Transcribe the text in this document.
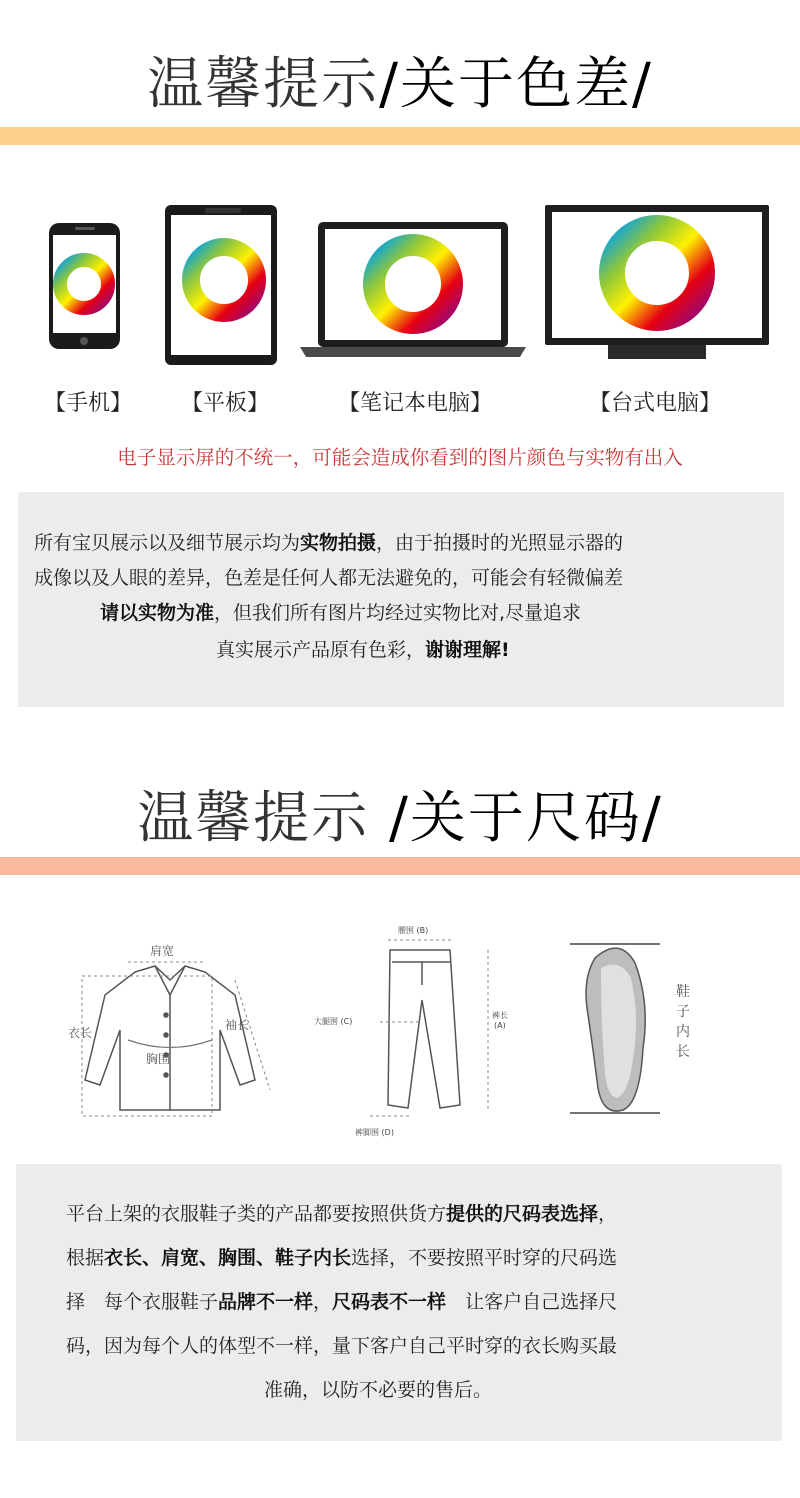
温馨提示/关于色差/
【手机】 【平板】	【笔记本电脑】	【台式电脑】
电子显示屏的不统一，可能会造成你看到的图片颜色与实物有出入
所有宝贝展示以及细节展示均为实物拍摄，由于拍摄时的光照显示器的
成像以及人眼的差异，色差是任何人都无法避免的，可能会有轻微偏差
请以实物为准，但我们所有图片均经过实物比对,尽量追求
真实展示产品原有色彩，谢谢理解!
温馨提示 /关于尺码/
肩宽
衣长
袖长
胸围
腰围 (B)
大腿围 (C)
裤长
(A)
裤脚围 (D)
鞋
子
内
长
平台上架的衣服鞋子类的产品都要按照供货方提供的尺码表选择，
根据衣长、肩宽、胸围、鞋子内长选择，不要按照平时穿的尺码选
择　每个衣服鞋子品牌不一样，尺码表不一样　让客户自己选择尺
码，因为每个人的体型不一样，量下客户自己平时穿的衣长购买最
准确，以防不必要的售后。
